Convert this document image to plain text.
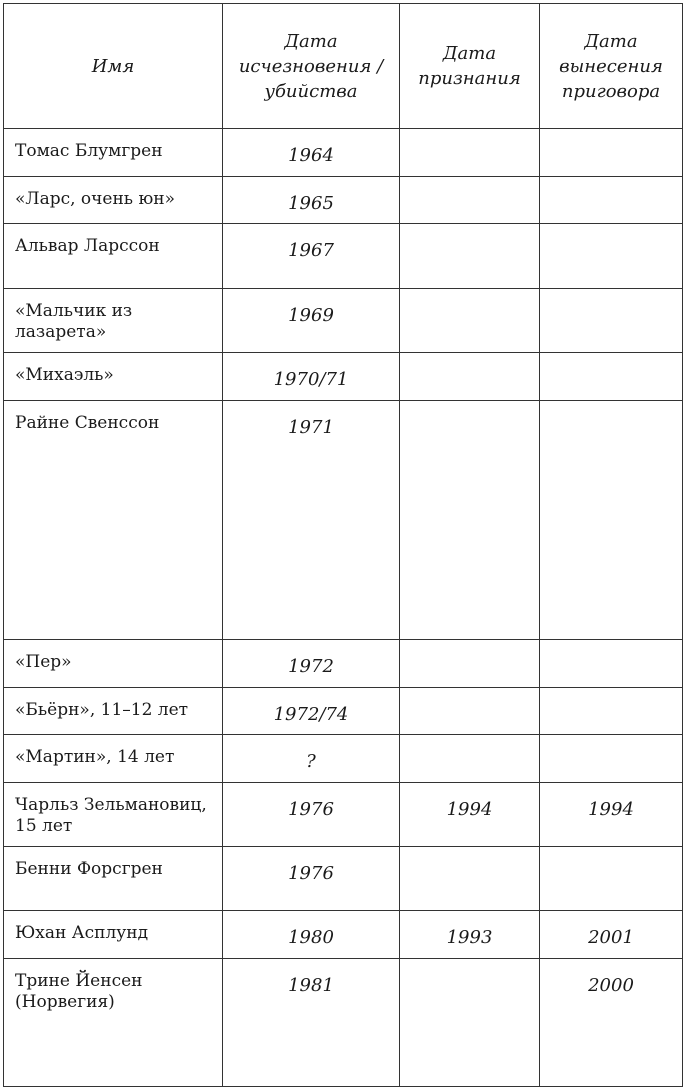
Имя	Дата исчезновения / убийства	Дата признания	Дата вынесения приговора
Томас Блумгрен	1964		
«Ларс, очень юн»	1965		
Альвар Ларссон	1967		
«Мальчик из лазарета»	1969		
«Михаэль»	1970/71		
Райне Свенссон	1971		
«Пер»	1972		
«Бьёрн», 11–12 лет	1972/74		
«Мартин», 14 лет	?		
Чарльз Зельмановиц, 15 лет	1976	1994	1994
Бенни Форсгрен	1976		
Юхан Асплунд	1980	1993	2001
Трине Йенсен (Норвегия)	1981		2000
